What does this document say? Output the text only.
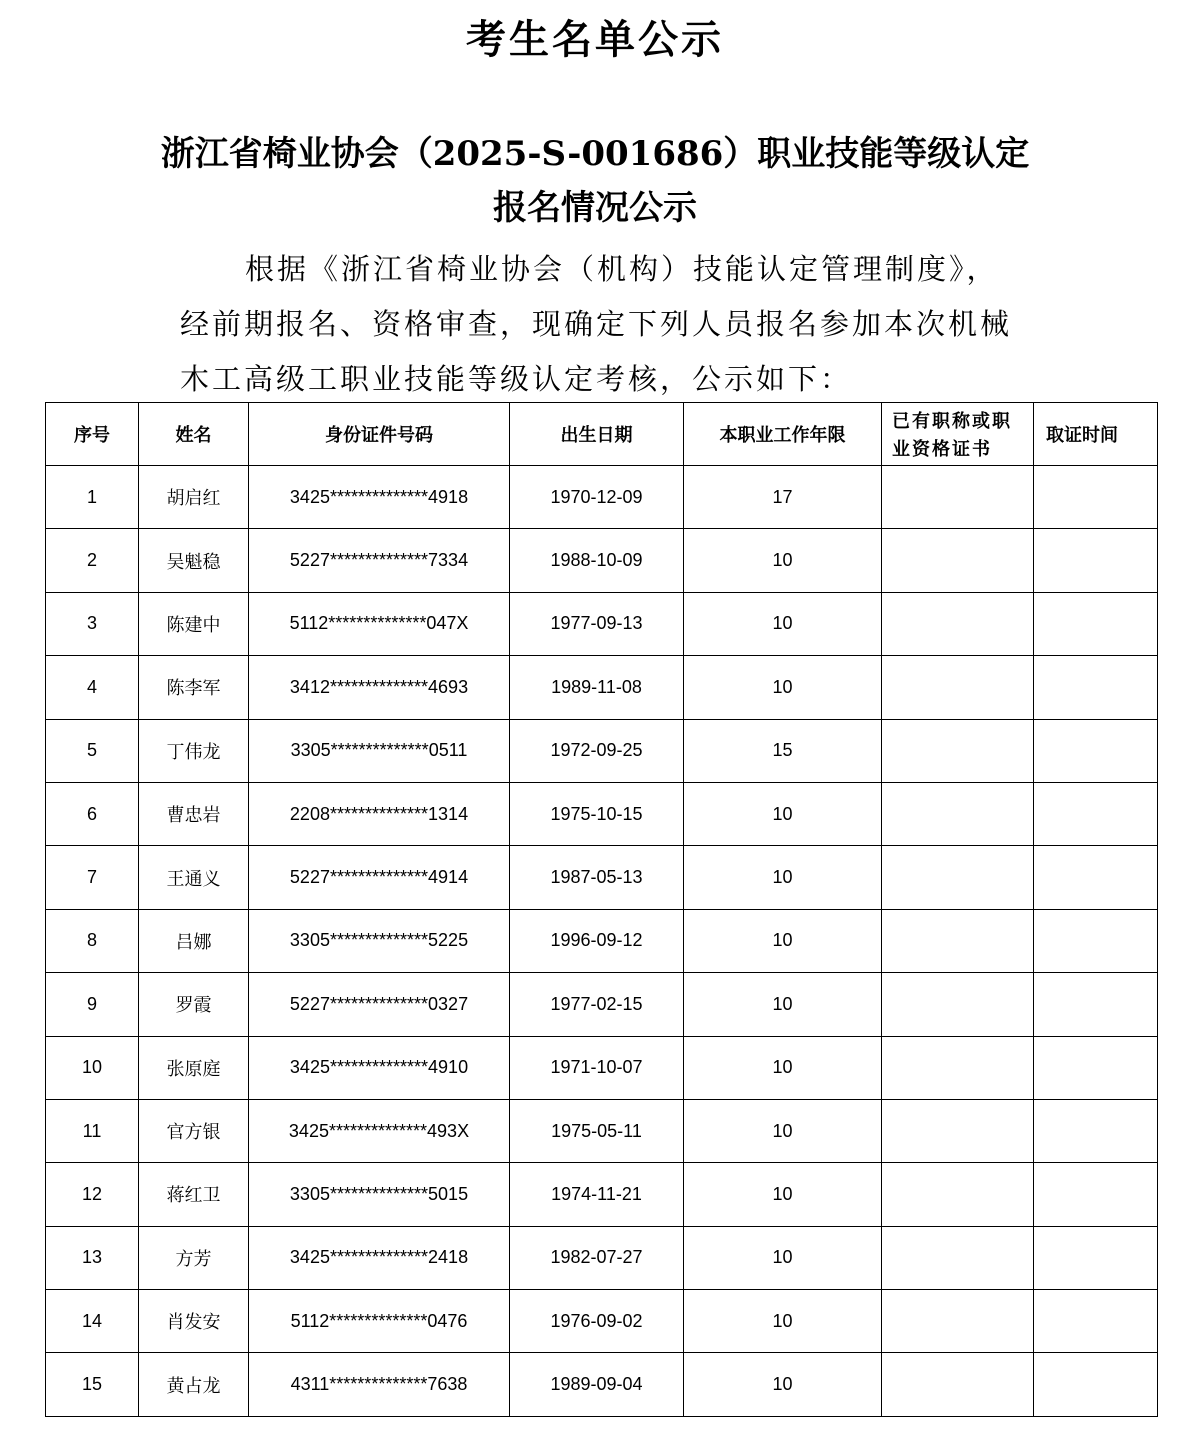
考生名单公示
浙江省椅业协会（2025-S-001686）职业技能等级认定
报名情况公示

根据《浙江省椅业协会（机构）技能认定管理制度》，

经前期报名、资格审查，现确定下列人员报名参加本次机械

木工高级工职业技能等级认定考核，公示如下：

序号	姓名	身份证件号码	出生日期	本职业工作年限	已有职称或职业资格证书	取证时间
1	胡启红	3425**************4918	1970-12-09	17		
2	吴魁稳	5227**************7334	1988-10-09	10		
3	陈建中	5112**************047X	1977-09-13	10		
4	陈李军	3412**************4693	1989-11-08	10		
5	丁伟龙	3305**************0511	1972-09-25	15		
6	曹忠岩	2208**************1314	1975-10-15	10		
7	王通义	5227**************4914	1987-05-13	10		
8	吕娜	3305**************5225	1996-09-12	10		
9	罗霞	5227**************0327	1977-02-15	10		
10	张原庭	3425**************4910	1971-10-07	10		
11	官方银	3425**************493X	1975-05-11	10		
12	蒋红卫	3305**************5015	1974-11-21	10		
13	方芳	3425**************2418	1982-07-27	10		
14	肖发安	5112**************0476	1976-09-02	10		
15	黄占龙	4311**************7638	1989-09-04	10		
